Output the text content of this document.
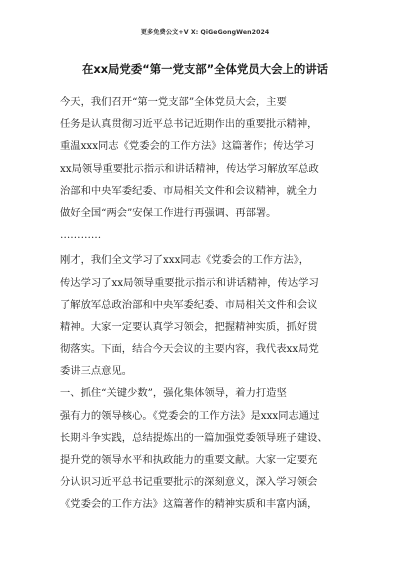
更多免费公文+V X: QiGeGongWen2024
在xx局党委“第一党支部”全体党员大会上的讲话
今天，我们召开“第一党支部”全体党员大会，主要
任务是认真贯彻习近平总书记近期作出的重要批示精神，
重温xxx同志《党委会的工作方法》这篇著作；传达学习
xx局领导重要批示指示和讲话精神，传达学习解放军总政
治部和中央军委纪委、市局相关文件和会议精神，就全力
做好全国“两会”安保工作进行再强调、再部署。
…………
刚才，我们全文学习了xxx同志《党委会的工作方法》，
传达学习了xx局领导重要批示指示和讲话精神，传达学习
了解放军总政治部和中央军委纪委、市局相关文件和会议
精神。大家一定要认真学习领会，把握精神实质，抓好贯
彻落实。下面，结合今天会议的主要内容，我代表xx局党
委讲三点意见。
一、抓住“关键少数”，强化集体领导，着力打造坚
强有力的领导核心。《党委会的工作方法》是xxx同志通过
长期斗争实践，总结提炼出的一篇加强党委领导班子建设、
提升党的领导水平和执政能力的重要文献。大家一定要充
分认识习近平总书记重要批示的深刻意义，深入学习领会
《党委会的工作方法》这篇著作的精神实质和丰富内涵，
